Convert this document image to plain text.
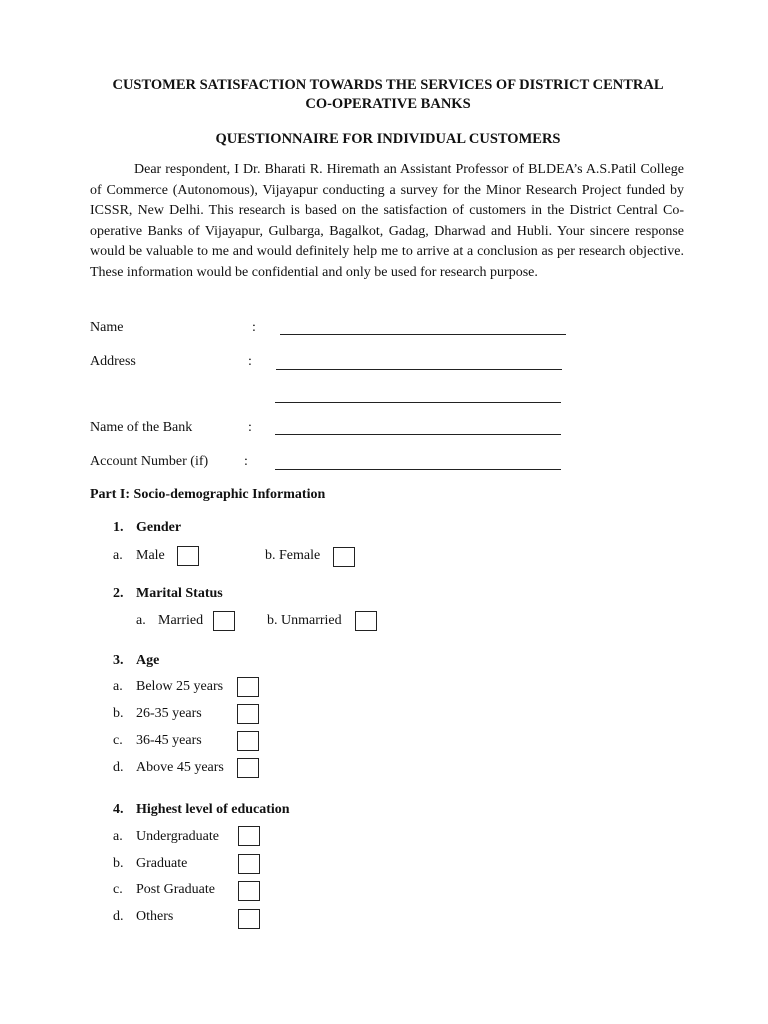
CUSTOMER SATISFACTION TOWARDS THE SERVICES OF DISTRICT CENTRAL
CO-OPERATIVE BANKS
QUESTIONNAIRE FOR INDIVIDUAL CUSTOMERS
Dear respondent, I Dr. Bharati R. Hiremath an Assistant Professor of BLDEA’s A.S.Patil College of Commerce (Autonomous), Vijayapur conducting a survey for the Minor Research Project funded by ICSSR, New Delhi. This research is based on the satisfaction of customers in the District Central Co-operative Banks of Vijayapur, Gulbarga, Bagalkot, Gadag, Dharwad and Hubli. Your sincere response would be valuable to me and would definitely help me to arrive at a conclusion as per research objective. These information would be confidential and only be used for research purpose.
Name	:
Address	:
Name of the Bank	:
Account Number (if)	:
Part I: Socio-demographic Information
1. Gender
a. Male	b. Female
2. Marital Status
a. Married	b. Unmarried
3. Age
a. Below 25 years
b. 26-35 years
c. 36-45 years
d. Above 45 years
4. Highest level of education
a. Undergraduate
b. Graduate
c. Post Graduate
d. Others
